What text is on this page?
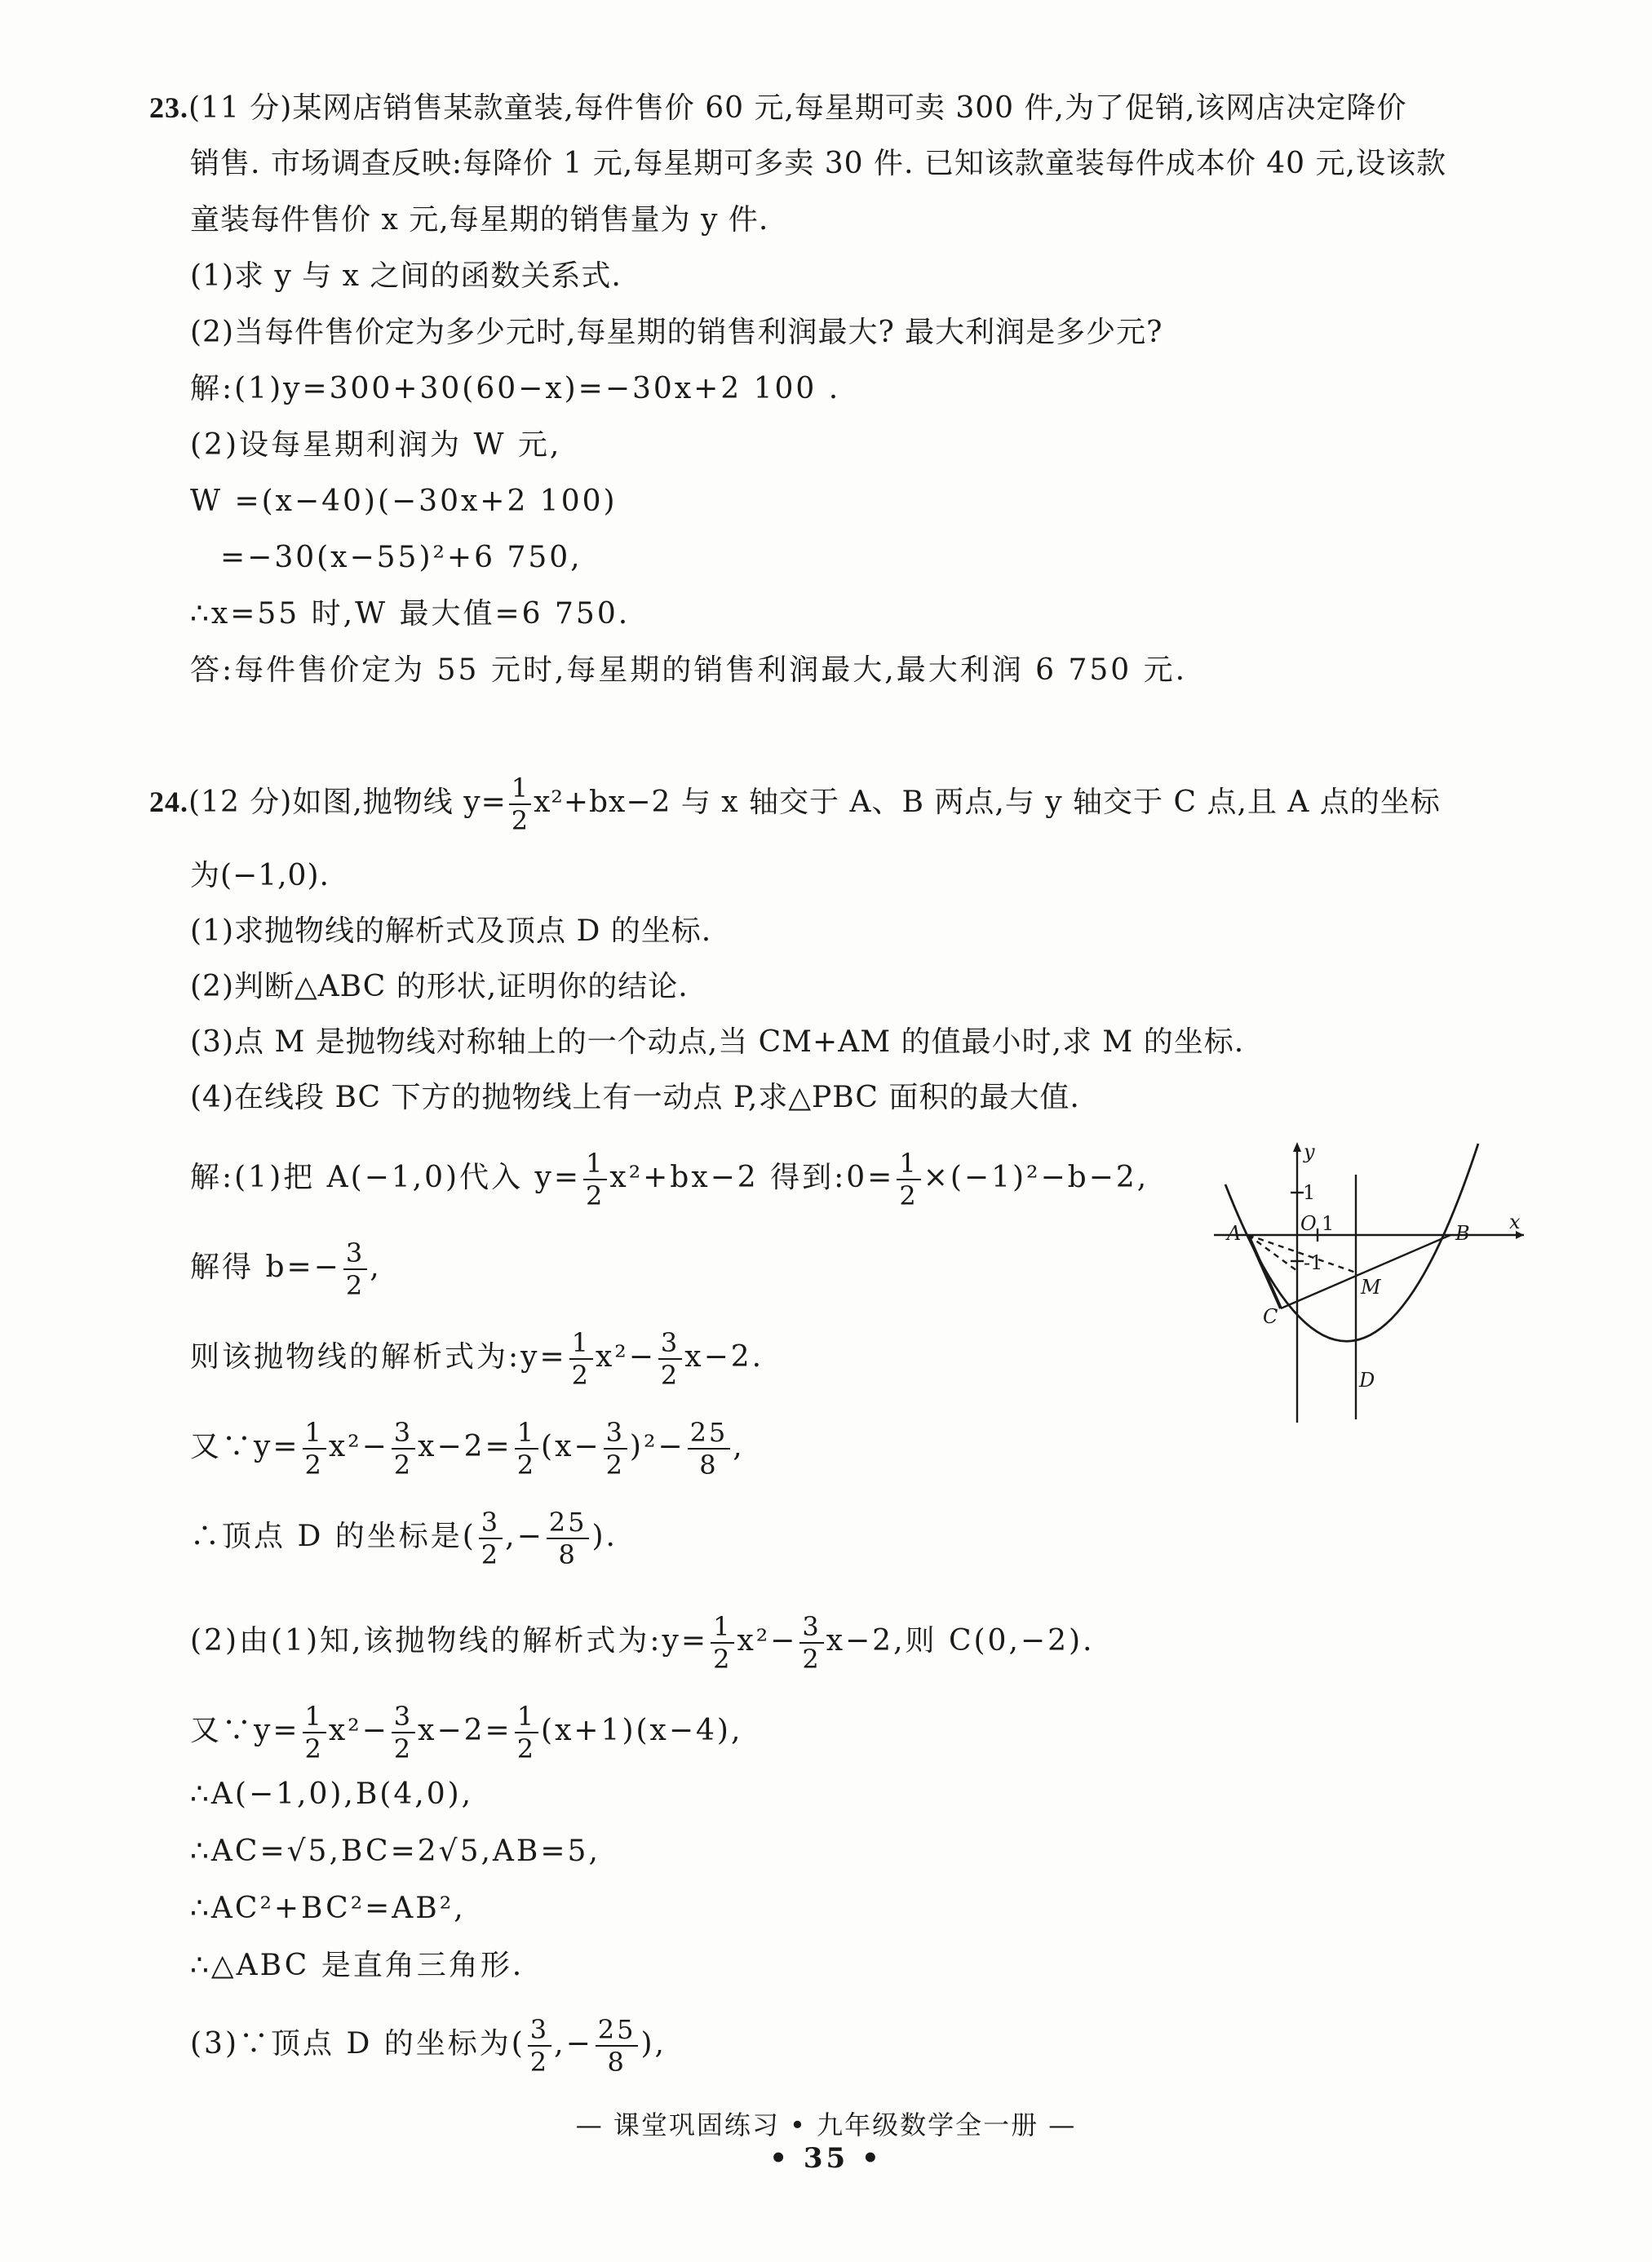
23.(11 分)某网店销售某款童装,每件售价 60 元,每星期可卖 300 件,为了促销,该网店决定降价
销售. 市场调查反映:每降价 1 元,每星期可多卖 30 件. 已知该款童装每件成本价 40 元,设该款
童装每件售价 x 元,每星期的销售量为 y 件.
(1)求 y 与 x 之间的函数关系式.
(2)当每件售价定为多少元时,每星期的销售利润最大? 最大利润是多少元?
解:(1)y=300+30(60−x)=−30x+2 100 .
(2)设每星期利润为 W 元,
W =(x−40)(−30x+2 100)
=−30(x−55)²+6 750,
∴x=55 时,W 最大值=6 750.
答:每件售价定为 55 元时,每星期的销售利润最大,最大利润 6 750 元.
24.(12 分)如图,抛物线 $y= \frac{1}{2} x^2+bx-2$ 与 x 轴交于 A、B 两点,与 y 轴交于 C 点,且 A 点的坐标
为(−1,0).
(1)求抛物线的解析式及顶点 D 的坐标.
(2)判断△ABC 的形状,证明你的结论.
(3)点 M 是抛物线对称轴上的一个动点,当 CM+AM 的值最小时,求 M 的坐标.
(4)在线段 BC 下方的抛物线上有一动点 P,求△PBC 面积的最大值.
解:(1)把 A(−1,0)代入 $y= \frac{1}{2} x^2+bx-2$ 得到:0= $\frac{1}{2} \times(-1)^2-b-2$,
解得 $b=- \frac{3}{2}$ ,
则该抛物线的解析式为:y= $\frac{1}{2} x^2- \frac{3}{2} x-2$.
又∵y= $\frac{1}{2} x^2- \frac{3}{2} x-2= \frac{1}{2} (x- \frac{3}{2} )^2- \frac{25}{8}$ ,
∴顶点 D 的坐标是( $\frac{3}{2}$ ,− $\frac{25}{8}$ ).
(2)由(1)知,该抛物线的解析式为:y= $\frac{1}{2} x^2- \frac{3}{2} x-2$,则 C(0,−2).
又∵y= $\frac{1}{2} x^2- \frac{3}{2} x-2= \frac{1}{2} (x+1)(x-4)$,
∴A(−1,0),B(4,0),
∴AC=√5,BC=2√5,AB=5,
∴AC²+BC²=AB²,
∴△ABC 是直角三角形.
(3)∵顶点 D 的坐标为( $\frac{3}{2}$ ,− $\frac{25}{8}$ ),
y
x
1
1
O
-1
A	B
C
M
D
— 课堂巩固练习 • 九年级数学全一册 —
• 35 •
